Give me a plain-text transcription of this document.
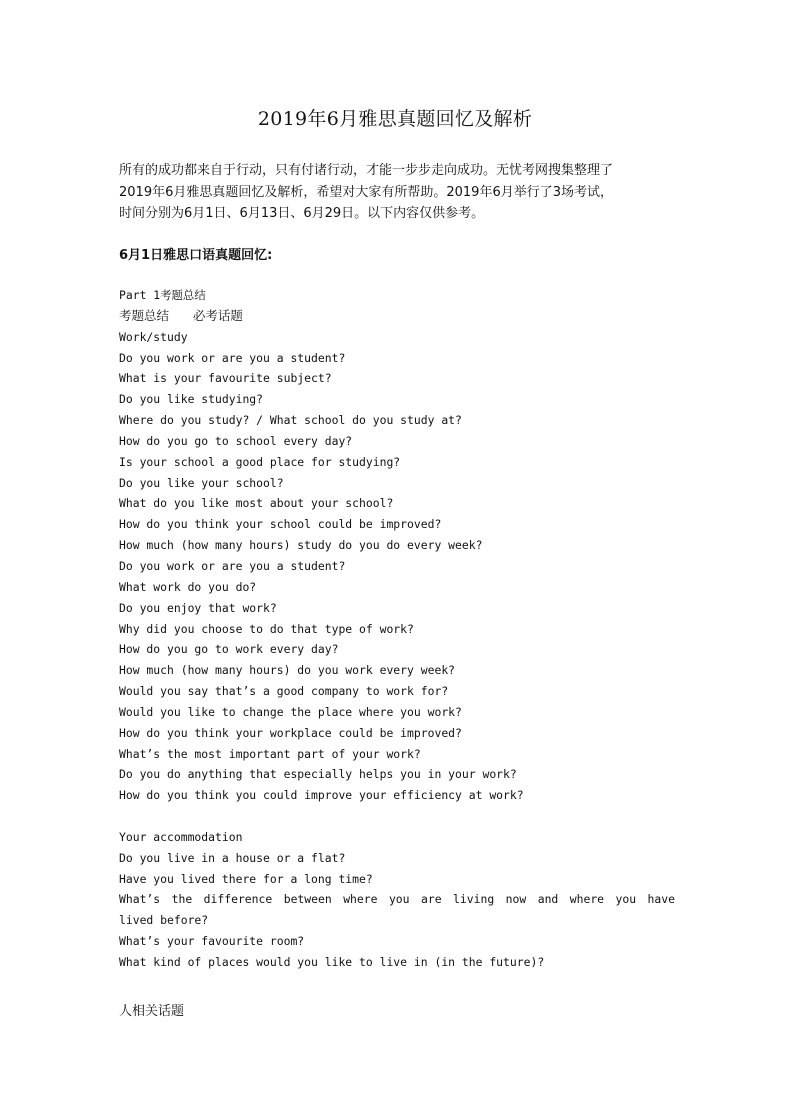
2019年6月雅思真题回忆及解析

所有的成功都来自于行动，只有付诸行动，才能一步步走向成功。无忧考网搜集整理了

2019年6月雅思真题回忆及解析，希望对大家有所帮助。2019年6月举行了3场考试，

时间分别为6月1日、6月13日、6月29日。以下内容仅供参考。

6月1日雅思口语真题回忆:
Part 1考题总结
考题总结      必考话题
Work/study
Do you work or are you a student?
What is your favourite subject?
Do you like studying?
Where do you study? / What school do you study at?
How do you go to school every day?
Is your school a good place for studying?
Do you like your school?
What do you like most about your school?
How do you think your school could be improved?
How much (how many hours) study do you do every week?
Do you work or are you a student?
What work do you do?
Do you enjoy that work?
Why did you choose to do that type of work?
How do you go to work every day?
How much (how many hours) do you work every week?
Would you say that’s a good company to work for?
Would you like to change the place where you work?
How do you think your workplace could be improved?
What’s the most important part of your work?
Do you do anything that especially helps you in your work?
How do you think you could improve your efficiency at work?
Your accommodation
Do you live in a house or a flat?
Have you lived there for a long time?
What’s the difference between where you are living now and where you have
lived before?
What’s your favourite room?
What kind of places would you like to live in (in the future)?
人相关话题
